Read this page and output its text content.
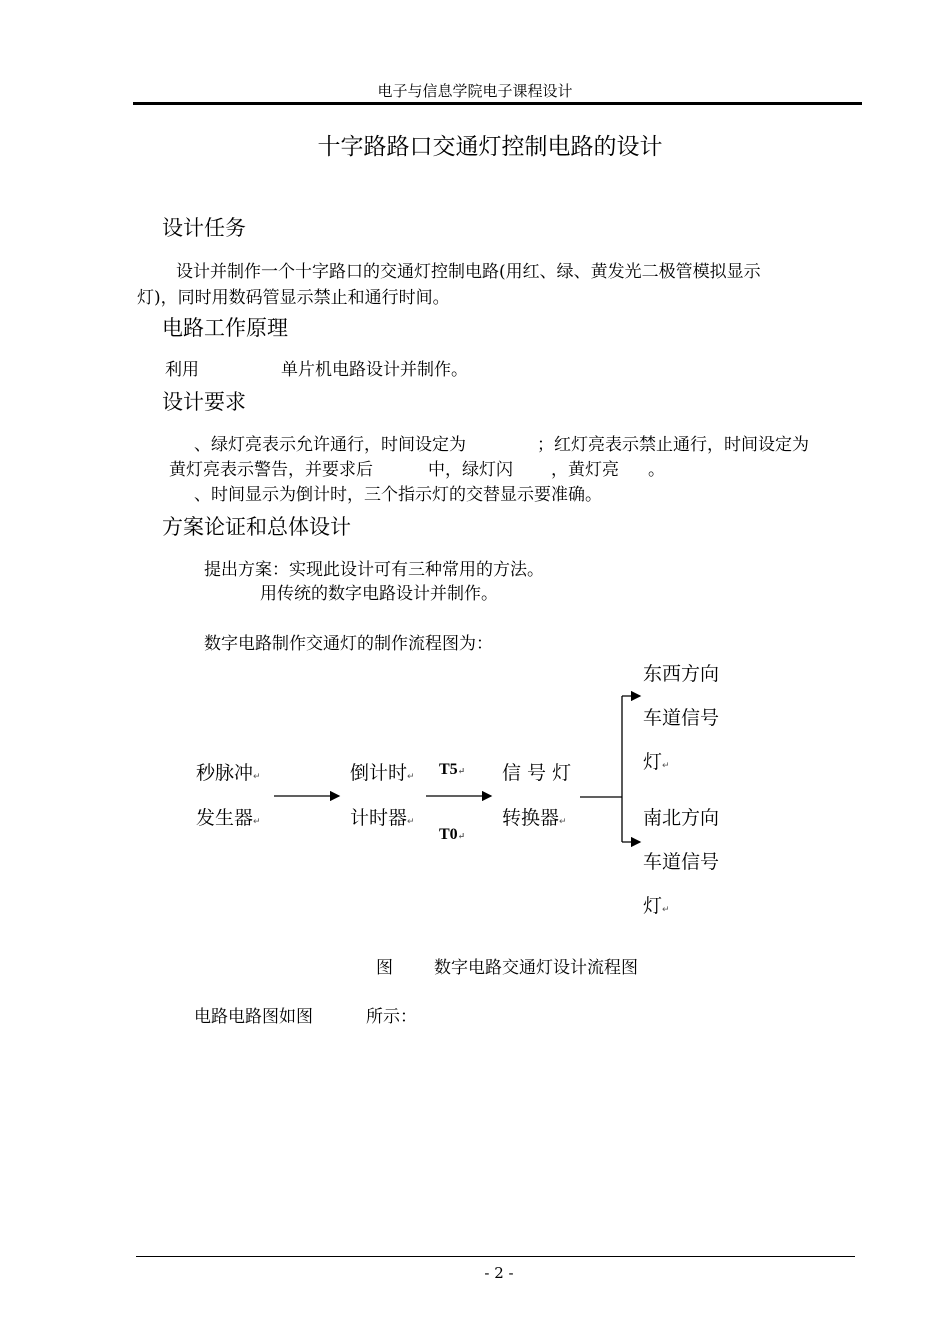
电子与信息学院电子课程设计
十字路路口交通灯控制电路的设计
设计任务
设计并制作一个十字路口的交通灯控制电路(用红、绿、黄发光二极管模拟显示
灯)，同时用数码管显示禁止和通行时间。
电路工作原理
利用	单片机电路设计并制作。
设计要求
、绿灯亮表示允许通行，时间设定为	；红灯亮表示禁止通行，时间设定为
黄灯亮表示警告，并要求后	中，绿灯闪 ，黄灯亮 。
、时间显示为倒计时，三个指示灯的交替显示要准确。
方案论证和总体设计
提出方案：实现此设计可有三种常用的方法。
用传统的数字电路设计并制作。
数字电路制作交通灯的制作流程图为：
秒脉冲↵
发生器↵
倒计时↵
计时器↵
T5↵
T0↵
信 号 灯
转换器↵
东西方向
车道信号
灯↵
南北方向
车道信号
灯↵
图 数字电路交通灯设计流程图
电路电路图如图	所示：
- 2 -
